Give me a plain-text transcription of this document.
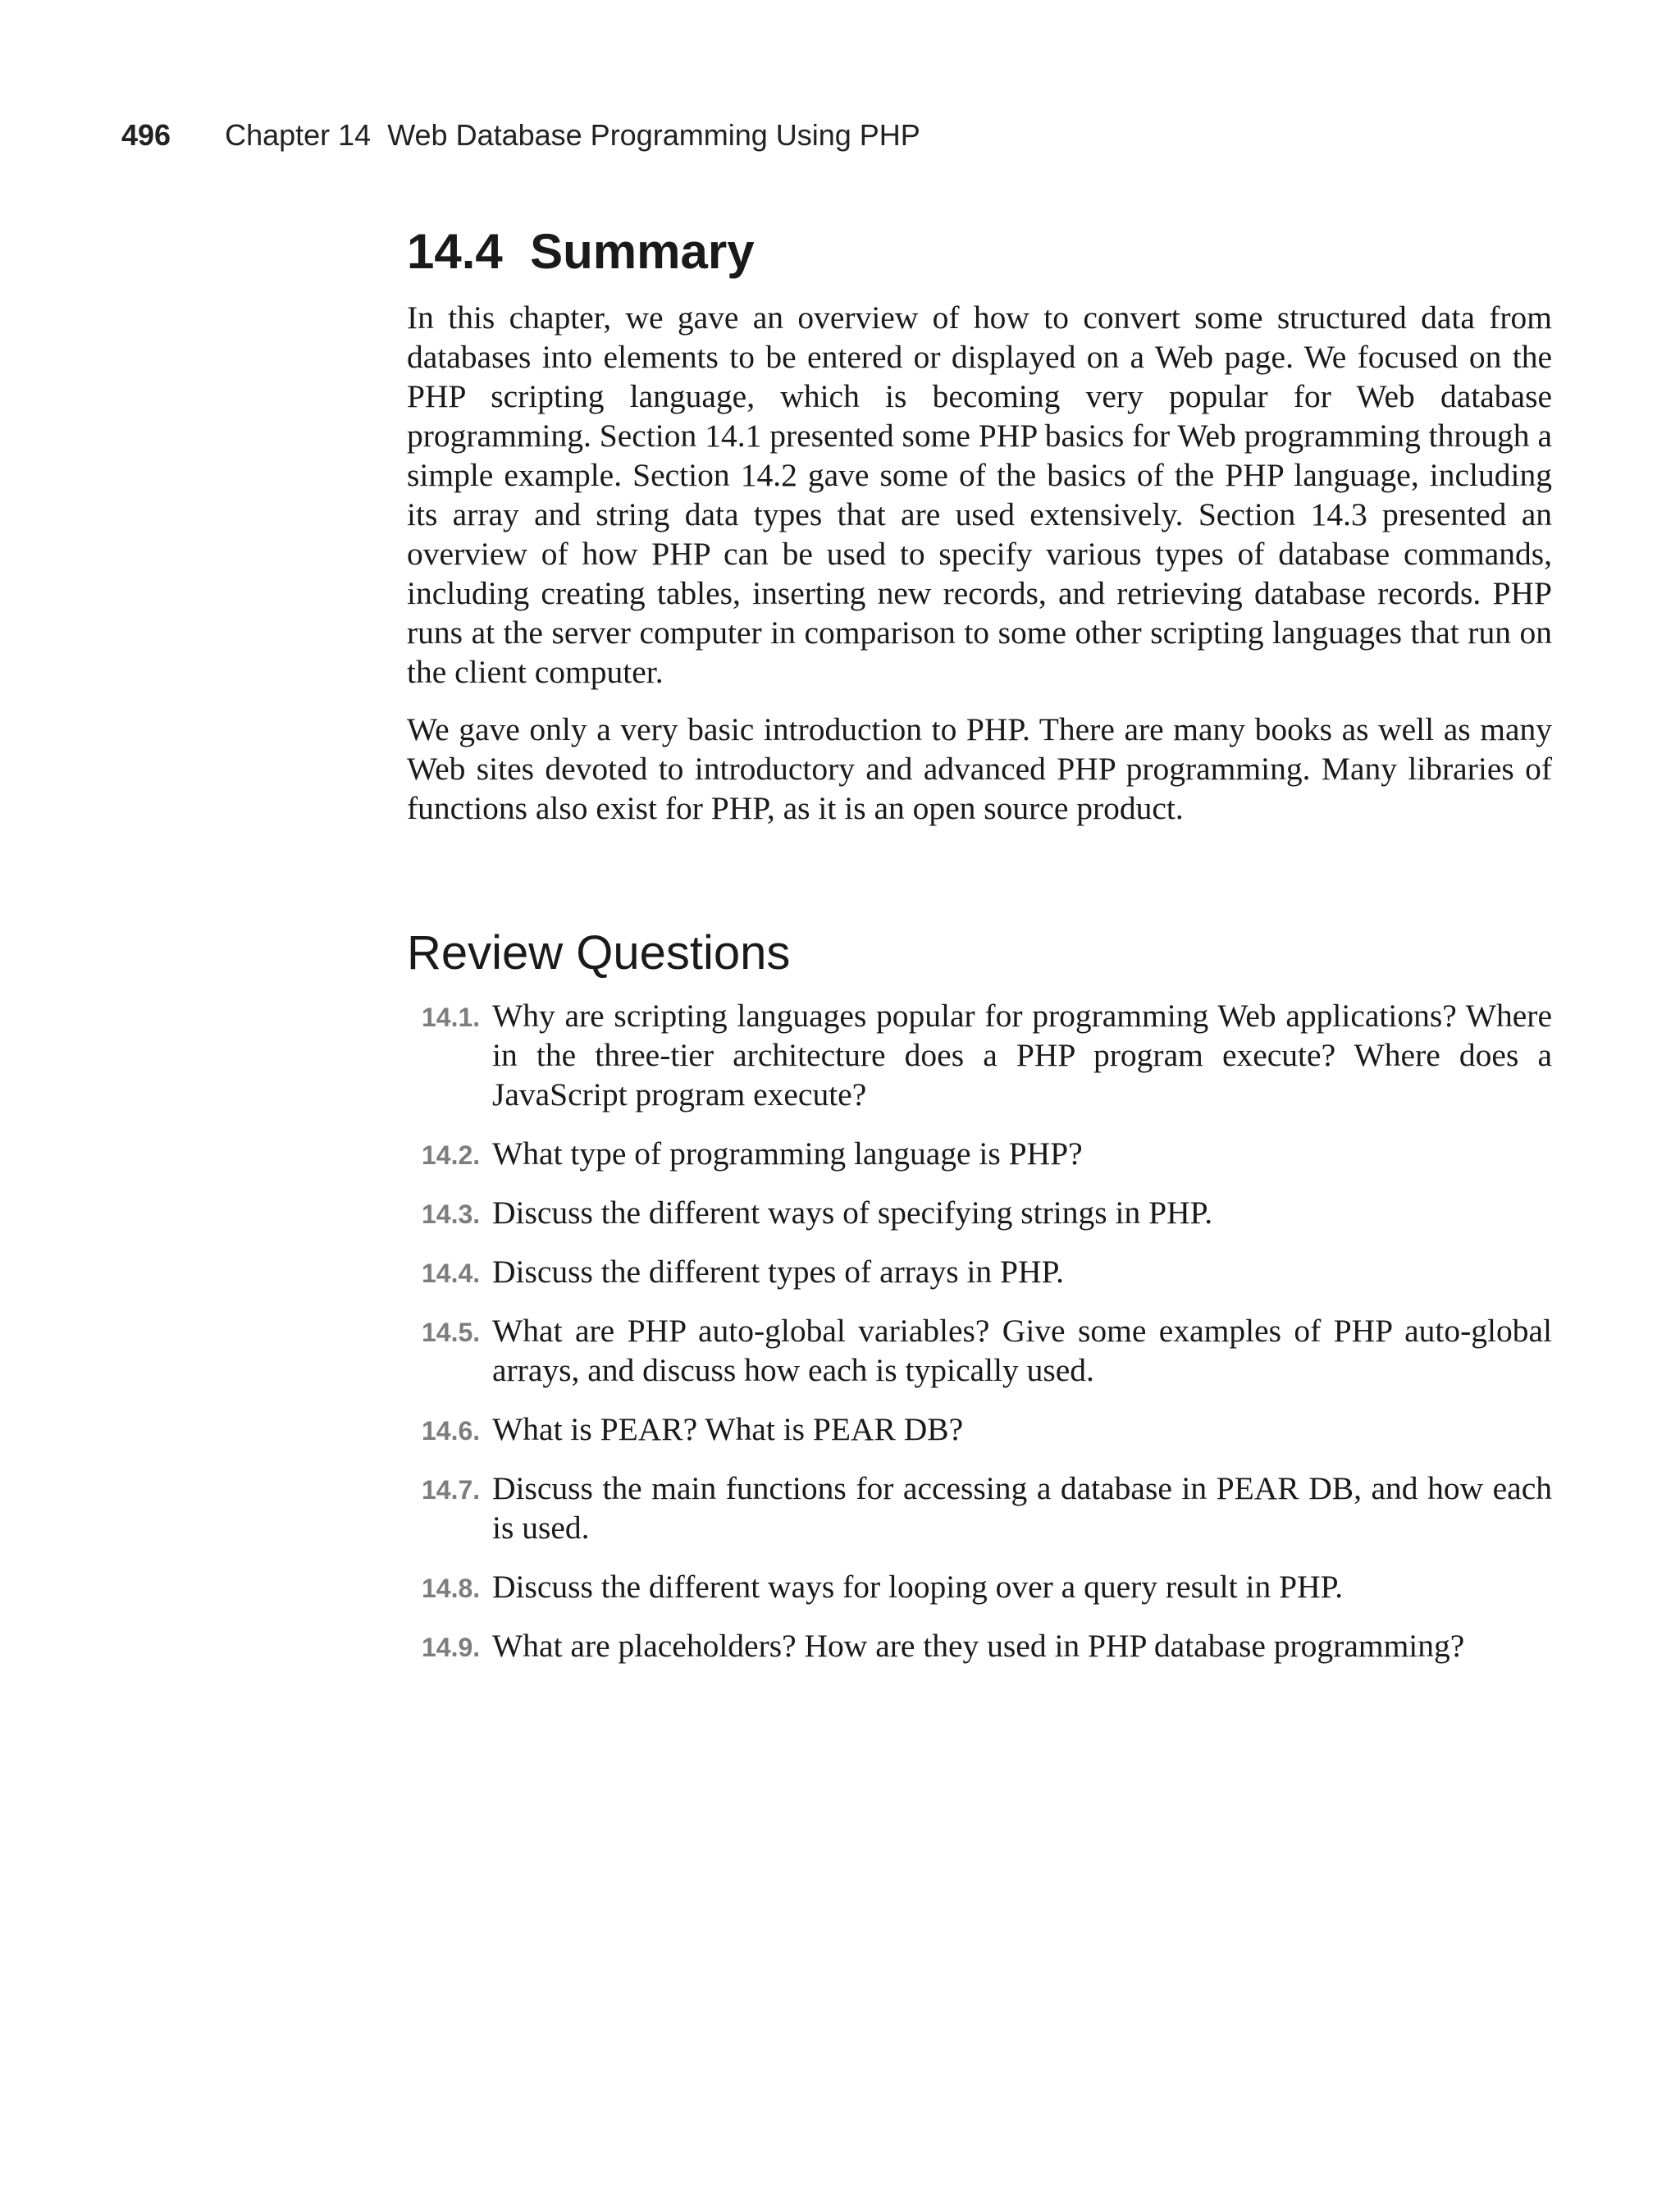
496 Chapter 14  Web Database Programming Using PHP
14.4  Summary

In this chapter, we gave an overview of how to convert some structured data from databases into elements to be entered or displayed on a Web page. We focused on the PHP scripting language, which is becoming very popular for Web database programming. Section 14.1 presented some PHP basics for Web programming through a simple example. Section 14.2 gave some of the basics of the PHP language, including its array and string data types that are used extensively. Section 14.3 presented an overview of how PHP can be used to specify various types of database commands, including creating tables, inserting new records, and retrieving database records. PHP runs at the server computer in comparison to some other scripting languages that run on the client computer.

We gave only a very basic introduction to PHP. There are many books as well as many Web sites devoted to introductory and advanced PHP programming. Many libraries of functions also exist for PHP, as it is an open source product.

Review Questions
14.1. Why are scripting languages popular for programming Web applications? Where in the three-tier architecture does a PHP program execute? Where does a JavaScript program execute?
14.2. What type of programming language is PHP?
14.3. Discuss the different ways of specifying strings in PHP.
14.4. Discuss the different types of arrays in PHP.
14.5. What are PHP auto-global variables? Give some examples of PHP auto-global arrays, and discuss how each is typically used.
14.6. What is PEAR? What is PEAR DB?
14.7. Discuss the main functions for accessing a database in PEAR DB, and how each is used.
14.8. Discuss the different ways for looping over a query result in PHP.
14.9. What are placeholders? How are they used in PHP database programming?
